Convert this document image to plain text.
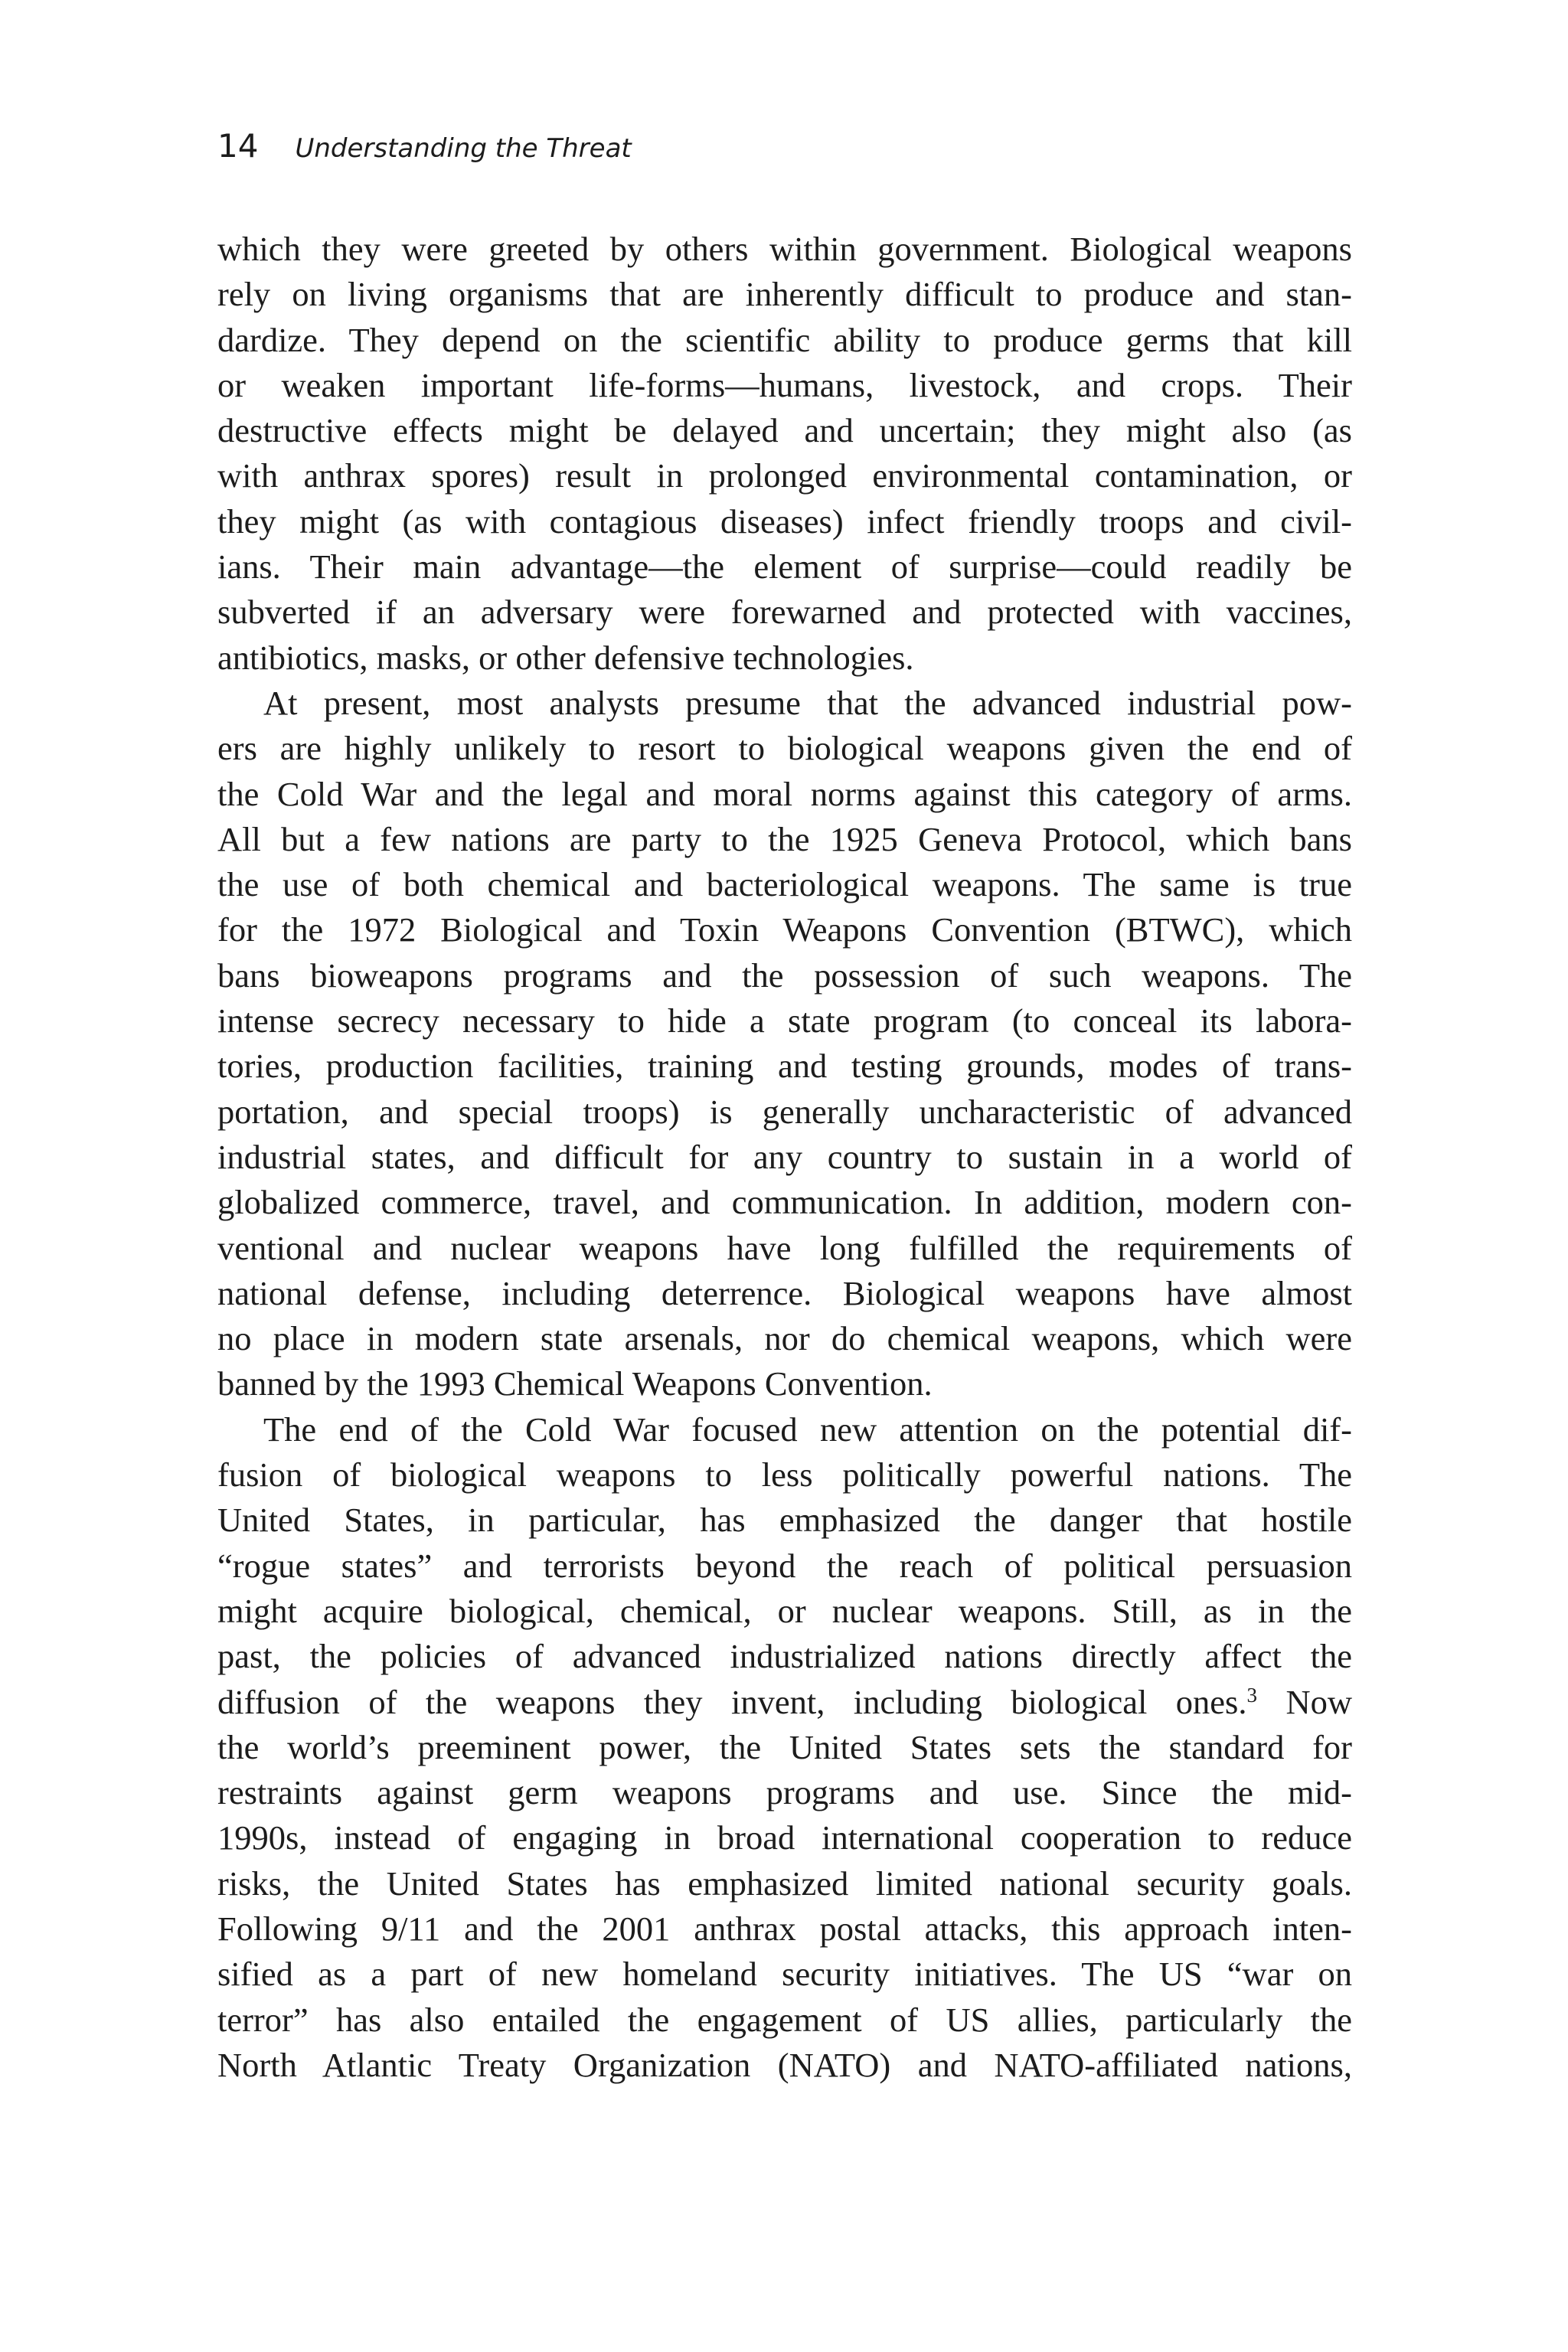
14 Understanding the Threat
which they were greeted by others within government. Biological weapons
rely on living organisms that are inherently difficult to produce and stan-
dardize. They depend on the scientific ability to produce germs that kill
or weaken important life-forms—humans, livestock, and crops. Their
destructive effects might be delayed and uncertain; they might also (as
with anthrax spores) result in prolonged environmental contamination, or
they might (as with contagious diseases) infect friendly troops and civil-
ians. Their main advantage—the element of surprise—could readily be
subverted if an adversary were forewarned and protected with vaccines,
antibiotics, masks, or other defensive technologies.
At present, most analysts presume that the advanced industrial pow-
ers are highly unlikely to resort to biological weapons given the end of
the Cold War and the legal and moral norms against this category of arms.
All but a few nations are party to the 1925 Geneva Protocol, which bans
the use of both chemical and bacteriological weapons. The same is true
for the 1972 Biological and Toxin Weapons Convention (BTWC), which
bans bioweapons programs and the possession of such weapons. The
intense secrecy necessary to hide a state program (to conceal its labora-
tories, production facilities, training and testing grounds, modes of trans-
portation, and special troops) is generally uncharacteristic of advanced
industrial states, and difficult for any country to sustain in a world of
globalized commerce, travel, and communication. In addition, modern con-
ventional and nuclear weapons have long fulfilled the requirements of
national defense, including deterrence. Biological weapons have almost
no place in modern state arsenals, nor do chemical weapons, which were
banned by the 1993 Chemical Weapons Convention.
The end of the Cold War focused new attention on the potential dif-
fusion of biological weapons to less politically powerful nations. The
United States, in particular, has emphasized the danger that hostile
“rogue states” and terrorists beyond the reach of political persuasion
might acquire biological, chemical, or nuclear weapons. Still, as in the
past, the policies of advanced industrialized nations directly affect the
diffusion of the weapons they invent, including biological ones.$^3$ Now
the world’s preeminent power, the United States sets the standard for
restraints against germ weapons programs and use. Since the mid-
1990s, instead of engaging in broad international cooperation to reduce
risks, the United States has emphasized limited national security goals.
Following 9/11 and the 2001 anthrax postal attacks, this approach inten-
sified as a part of new homeland security initiatives. The US “war on
terror” has also entailed the engagement of US allies, particularly the
North Atlantic Treaty Organization (NATO) and NATO-affiliated nations,
